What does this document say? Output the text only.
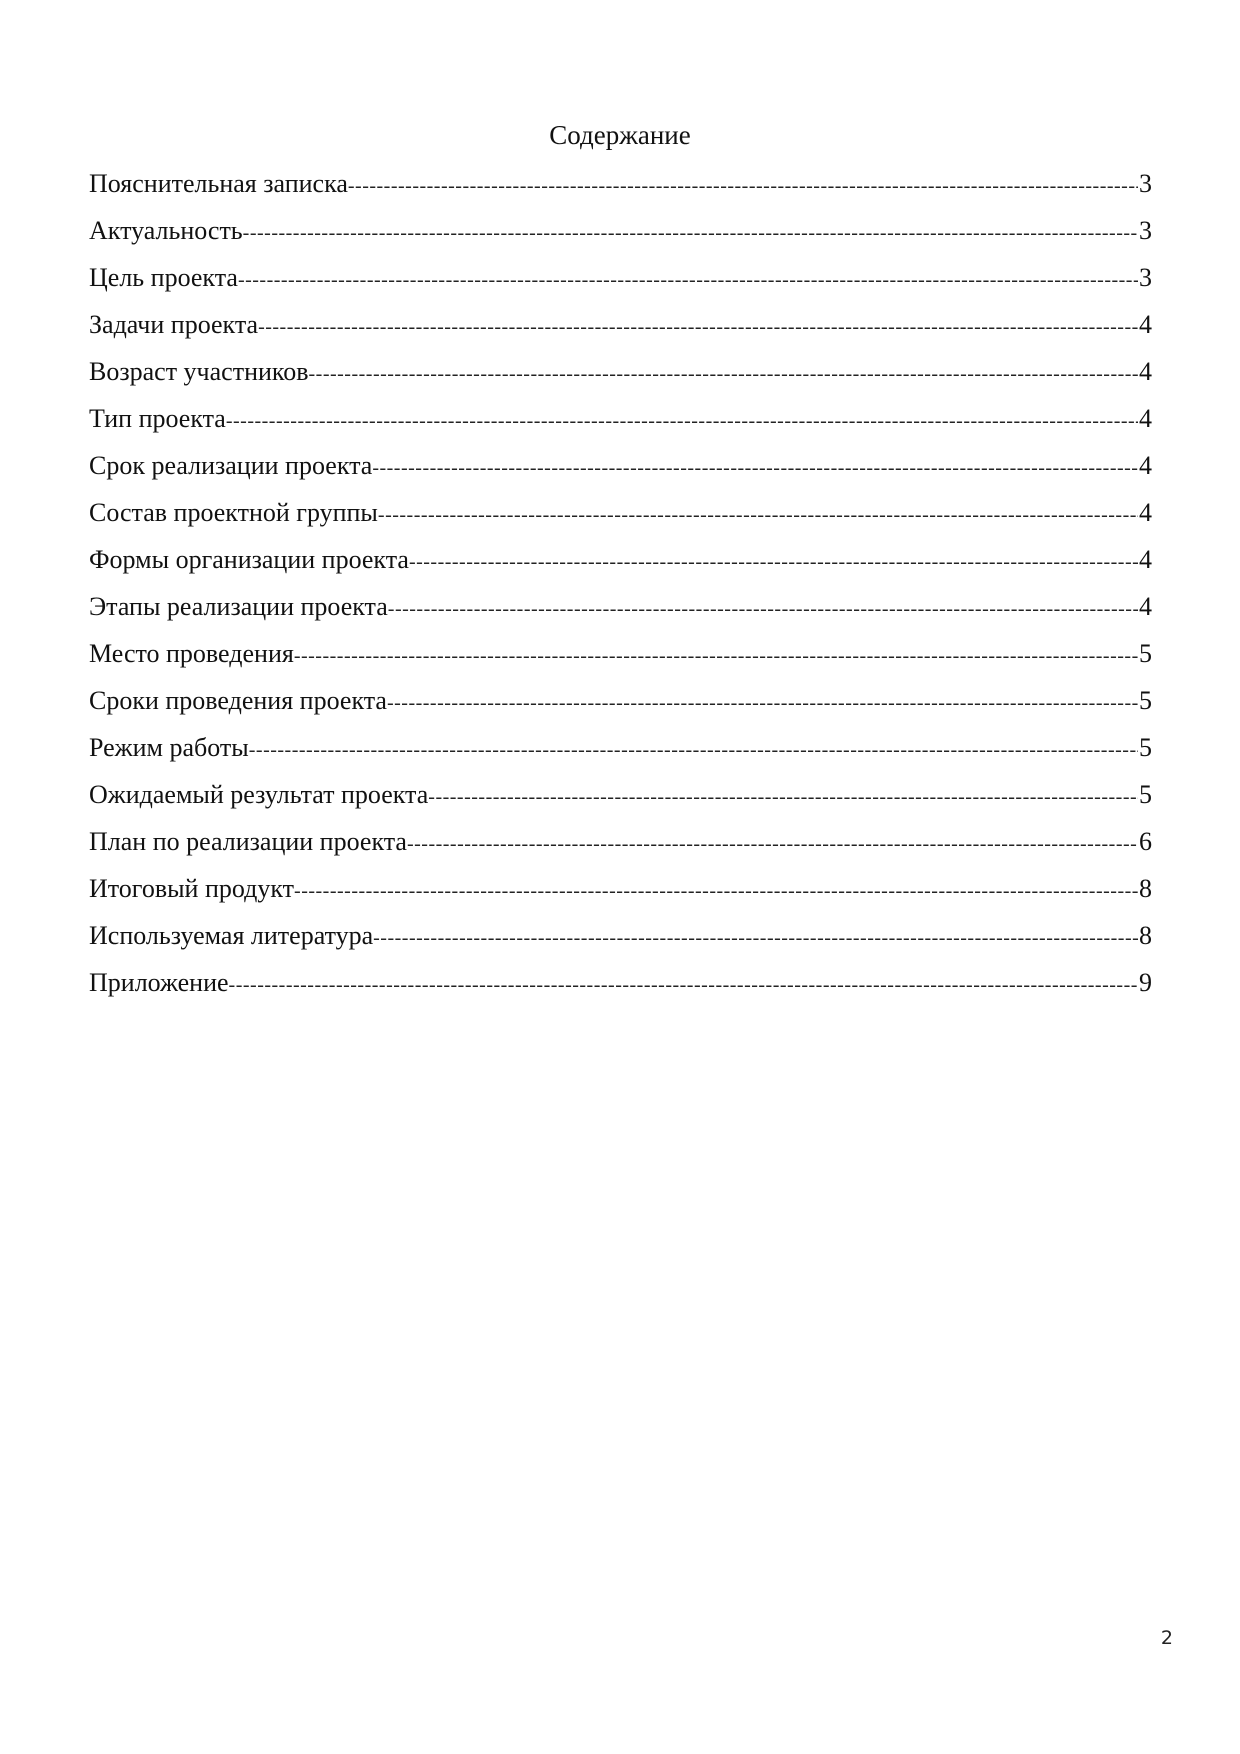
Содержание
Пояснительная записка -----	3
Актуальность -----	3
Цель проекта -----	3
Задачи проекта -----	4
Возраст участников -----	4
Тип проекта -----	4
Срок реализации проекта -----	4
Состав проектной группы -----	4
Формы организации проекта -----	4
Этапы реализации проекта -----	4
Место проведения -----	5
Сроки проведения проекта -----	5
Режим работы -----	5
Ожидаемый результат проекта -----	5
План по реализации проекта -----	6
Итоговый продукт -----	8
Используемая литература -----	8
Приложение -----	9
2
